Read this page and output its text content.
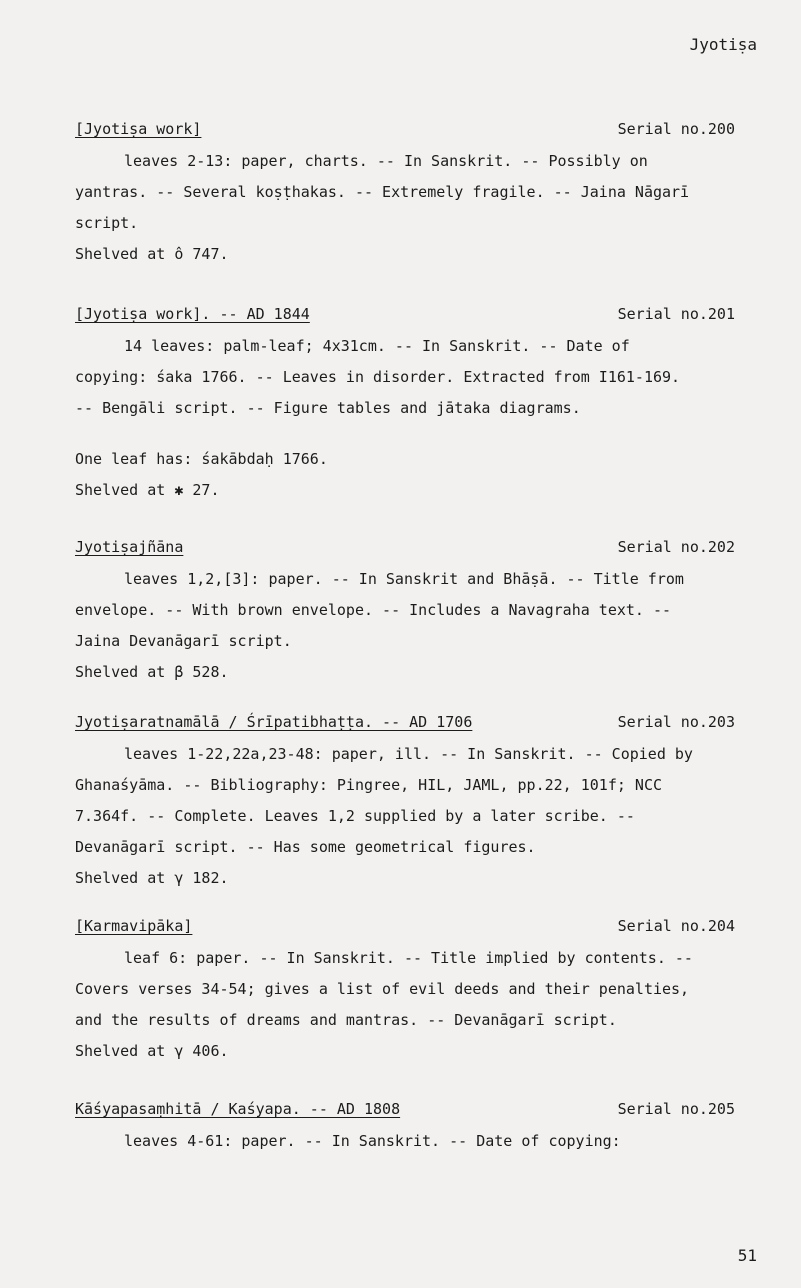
Jyotiṣa
[Jyotiṣa work]	Serial no.200
leaves 2-13: paper, charts. -- In Sanskrit. -- Possibly on
yantras. -- Several koṣṭhakas. -- Extremely fragile. -- Jaina Nāgarī
script.
Shelved at ô 747.
[Jyotiṣa work]. -- AD 1844	Serial no.201
14 leaves: palm-leaf; 4x31cm. -- In Sanskrit. -- Date of
copying: śaka 1766. -- Leaves in disorder. Extracted from I161-169.
-- Bengāli script. -- Figure tables and jātaka diagrams.
One leaf has: śakābdaḥ 1766.
Shelved at ✱ 27.
Jyotiṣajñāna	Serial no.202
leaves 1,2,[3]: paper. -- In Sanskrit and Bhāṣā. -- Title from
envelope. -- With brown envelope. -- Includes a Navagraha text. --
Jaina Devanāgarī script.
Shelved at β 528.
Jyotiṣaratnamālā / Śrīpatibhaṭṭa. -- AD 1706	Serial no.203
leaves 1-22,22a,23-48: paper, ill. -- In Sanskrit. -- Copied by
Ghanaśyāma. -- Bibliography: Pingree, HIL, JAML, pp.22, 101f; NCC
7.364f. -- Complete. Leaves 1,2 supplied by a later scribe. --
Devanāgarī script. -- Has some geometrical figures.
Shelved at γ 182.
[Karmavipāka]	Serial no.204
leaf 6: paper. -- In Sanskrit. -- Title implied by contents. --
Covers verses 34-54; gives a list of evil deeds and their penalties,
and the results of dreams and mantras. -- Devanāgarī script.
Shelved at γ 406.
Kāśyapasaṃhitā / Kaśyapa. -- AD 1808	Serial no.205
leaves 4-61: paper. -- In Sanskrit. -- Date of copying:
51
